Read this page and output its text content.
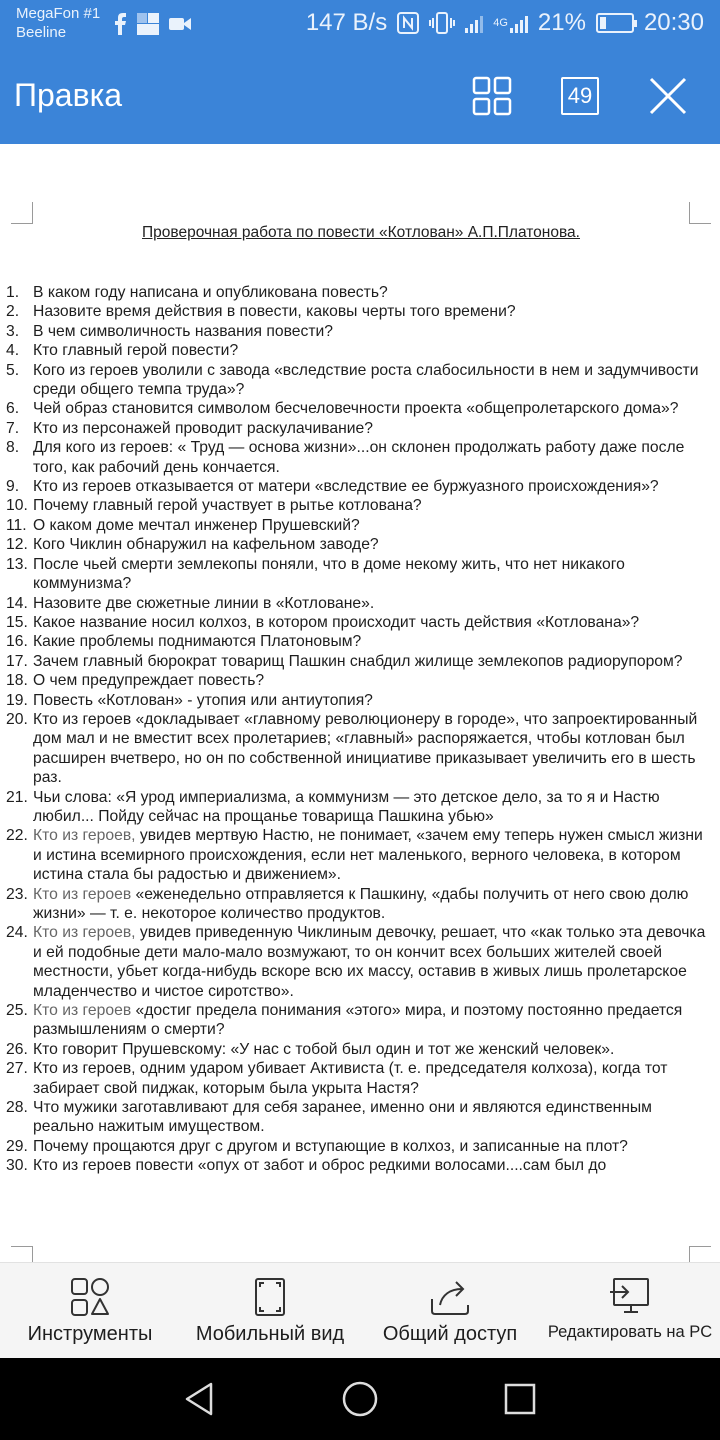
MegaFon #1
Beeline	147 B/s	4G 21% 20:30
Правка	49
Проверочная работа по повести «Котлован» А.П.Платонова.
1. В каком году написана и опубликована повесть?
2. Назовите время действия в повести, каковы черты того времени?
3. В чем символичность названия повести?
4. Кто главный герой повести?
5. Кого из героев уволили с завода «вследствие роста слабосильности в нем и задумчивости среди общего темпа труда»?
6. Чей образ становится символом бесчеловечности проекта «общепролетарского дома»?
7. Кто из персонажей проводит раскулачивание?
8. Для кого из героев: « Труд — основа жизни»...он склонен продолжать работу даже после того, как рабочий день кончается.
9. Кто из героев отказывается от матери «вследствие ее буржуазного происхождения»?
10. Почему главный герой участвует в рытье котлована?
11. О каком доме мечтал инженер Прушевский?
12. Кого Чиклин обнаружил на кафельном заводе?
13. После чьей смерти землекопы поняли, что в доме некому жить, что нет никакого коммунизма?
14. Назовите две сюжетные линии в «Котловане».
15. Какое название носил колхоз, в котором происходит часть действия «Котлована»?
16. Какие проблемы поднимаются Платоновым?
17. Зачем главный бюрократ товарищ Пашкин снабдил жилище землекопов радиорупором?
18. О чем предупреждает повесть?
19. Повесть «Котлован» - утопия или антиутопия?
20. Кто из героев «докладывает «главному революционеру в городе», что запроектированный дом мал и не вместит всех пролетариев; «главный» распоряжается, чтобы котлован был расширен вчетверо, но он по собственной инициативе приказывает увеличить его в шесть раз.
21. Чьи слова: «Я урод империализма, а коммунизм — это детское дело, за то я и Настю любил... Пойду сейчас на прощанье товарища Пашкина убью»
22. Кто из героев, увидев мертвую Настю, не понимает, «зачем ему теперь нужен смысл жизни и истина всемирного происхождения, если нет маленького, верного человека, в котором истина стала бы радостью и движением».
23. Кто из героев «еженедельно отправляется к Пашкину, «дабы получить от него свою долю жизни» — т. е. некоторое количество продуктов.
24. Кто из героев, увидев приведенную Чиклиным девочку, решает, что «как только эта девочка и ей подобные дети мало-мало возмужают, то он кончит всех больших жителей своей местности, убьет когда-нибудь вскоре всю их массу, оставив в живых лишь пролетарское младенчество и чистое сиротство».
25. Кто из героев «достиг предела понимания «этого» мира, и поэтому постоянно предается размышлениям о смерти?
26. Кто говорит Прушевскому: «У нас с тобой был один и тот же женский человек».
27. Кто из героев, одним ударом убивает Активиста (т. е. председателя колхоза), когда тот забирает свой пиджак, которым была укрыта Настя?
28. Что мужики заготавливают для себя заранее, именно они и являются единственным реально нажитым имуществом.
29. Почему прощаются друг с другом и вступающие в колхоз, и записанные на плот?
30. Кто из героев повести «опух от забот и оброс редкими волосами....сам был до
Инструменты	Мобильный вид	Общий доступ	Редактировать на PC
